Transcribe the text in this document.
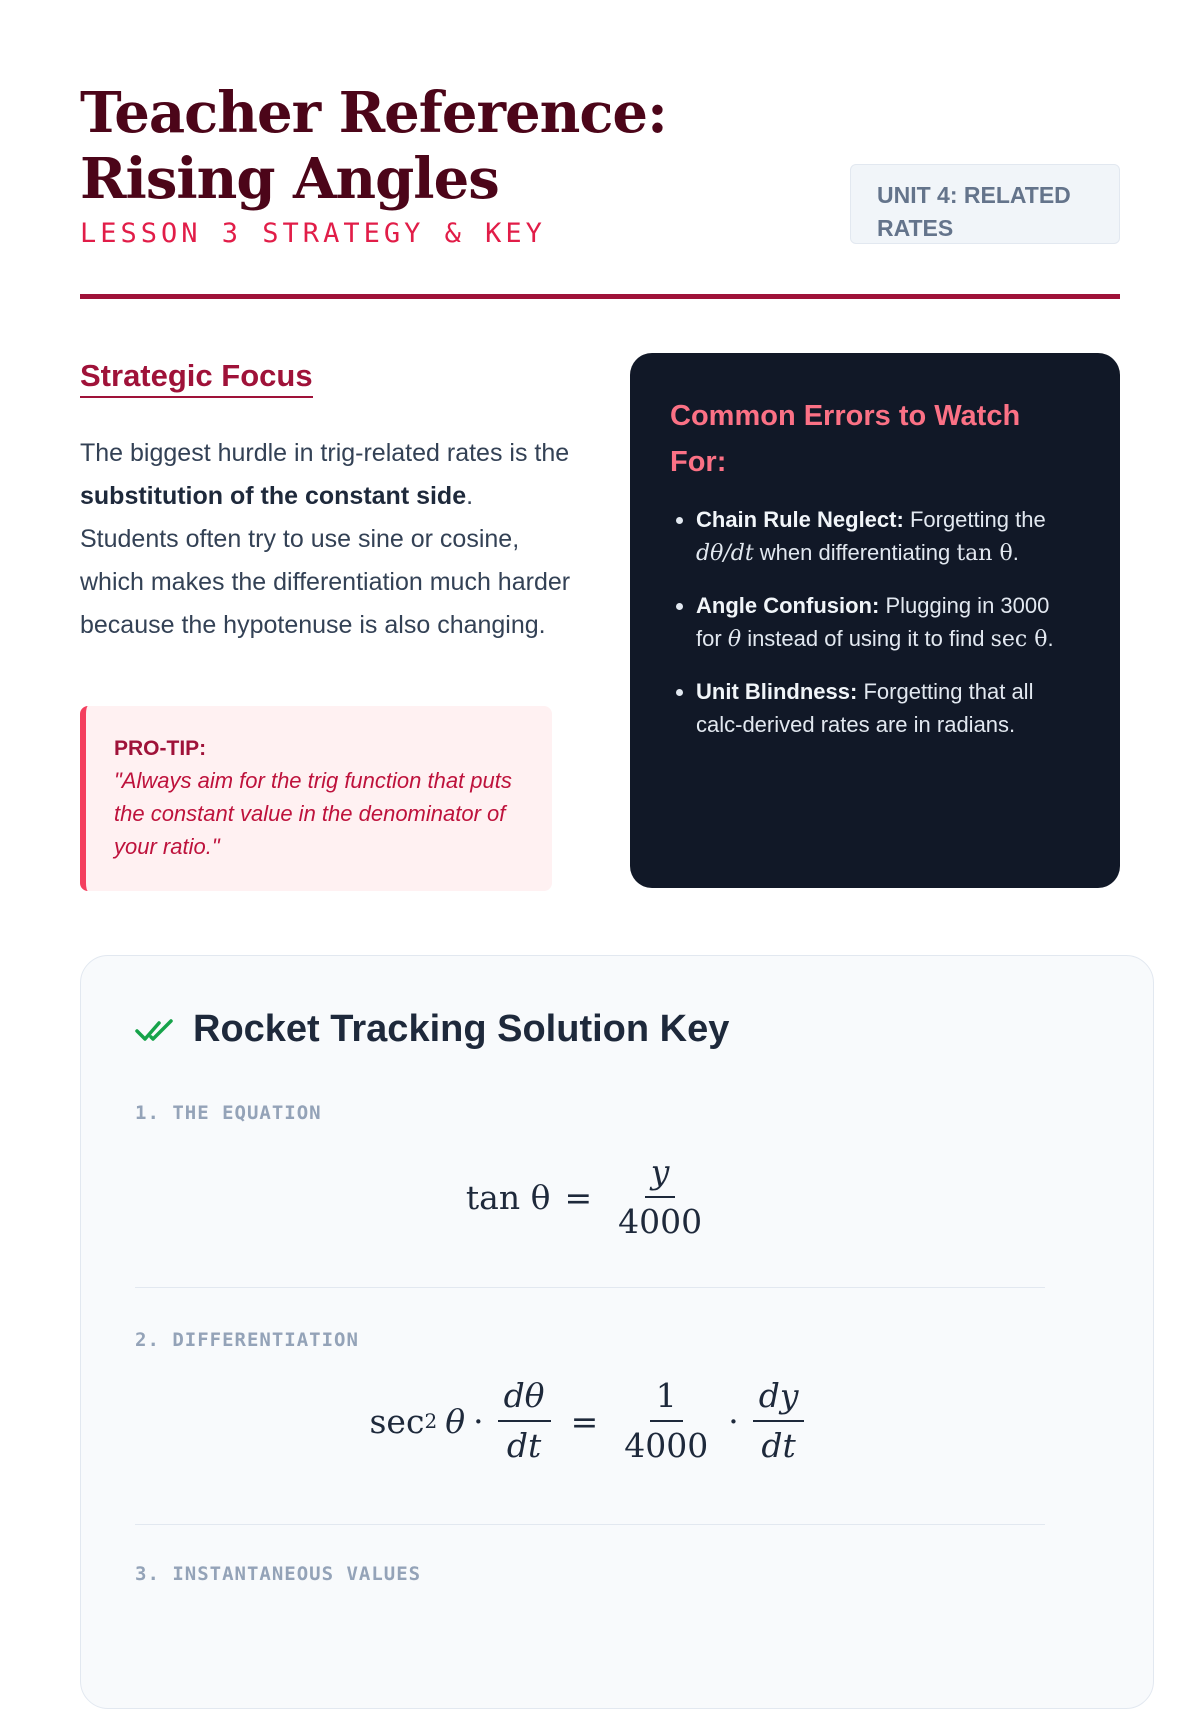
Teacher Reference: Rising Angles
LESSON 3 STRATEGY & KEY
UNIT 4: RELATED RATES
Strategic Focus

The biggest hurdle in trig-related rates is the substitution of the constant side. Students often try to use sine or cosine, which makes the differentiation much harder because the hypotenuse is also changing.

PRO-TIP:
"Always aim for the trig function that puts the constant value in the denominator of your ratio."
Common Errors to Watch For:
• Chain Rule Neglect: Forgetting the dθ/dt when differentiating tan θ.
• Angle Confusion: Plugging in 3000 for θ instead of using it to find sec θ.
• Unit Blindness: Forgetting that all calc-derived rates are in radians.
Rocket Tracking Solution Key
1. THE EQUATION
$\tan \theta = \frac{y}{4000}$
2. DIFFERENTIATION
sec 2 $\theta \cdot \frac{d\theta}{dt} = \frac{1}{4000} \cdot \frac{dy}{dt}$
3. INSTANTANEOUS VALUES
